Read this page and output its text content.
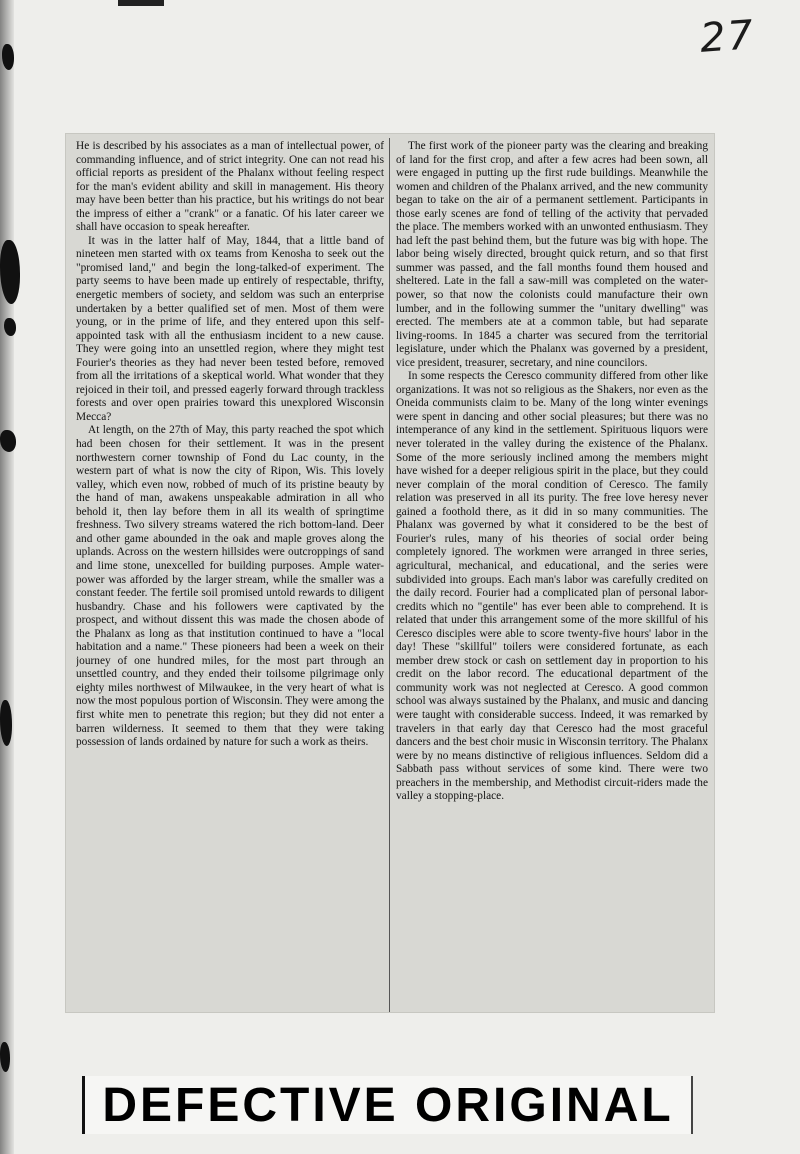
27

He is described by his associates as a man of intellectual power, of commanding influence, and of strict integrity. One can not read his official reports as president of the Phalanx without feeling respect for the man's evident ability and skill in management. His theory may have been better than his practice, but his writings do not bear the impress of either a "crank" or a fanatic. Of his later career we shall have occasion to speak hereafter.

It was in the latter half of May, 1844, that a little band of nineteen men started with ox teams from Kenosha to seek out the "promised land," and begin the long-talked-of experiment. The party seems to have been made up entirely of respectable, thrifty, energetic members of society, and seldom was such an enterprise undertaken by a better qualified set of men. Most of them were young, or in the prime of life, and they entered upon this self-appointed task with all the enthusiasm incident to a new cause. They were going into an unsettled region, where they might test Fourier's theories as they had never been tested before, removed from all the irritations of a skeptical world. What wonder that they rejoiced in their toil, and pressed eagerly forward through trackless forests and over open prairies toward this unexplored Wisconsin Mecca?

At length, on the 27th of May, this party reached the spot which had been chosen for their settlement. It was in the present northwestern corner township of Fond du Lac county, in the western part of what is now the city of Ripon, Wis. This lovely valley, which even now, robbed of much of its pristine beauty by the hand of man, awakens unspeakable admiration in all who behold it, then lay before them in all its wealth of springtime freshness. Two silvery streams watered the rich bottom-land. Deer and other game abounded in the oak and maple groves along the uplands. Across on the western hillsides were outcroppings of sand and lime stone, unexcelled for building purposes. Ample water-power was afforded by the larger stream, while the smaller was a constant feeder. The fertile soil promised untold rewards to diligent husbandry. Chase and his followers were captivated by the prospect, and without dissent this was made the chosen abode of the Phalanx as long as that institution continued to have a "local habitation and a name." These pioneers had been a week on their journey of one hundred miles, for the most part through an unsettled country, and they ended their toilsome pilgrimage only eighty miles northwest of Milwaukee, in the very heart of what is now the most populous portion of Wisconsin. They were among the first white men to penetrate this region; but they did not enter a barren wilderness. It seemed to them that they were taking possession of lands ordained by nature for such a work as theirs.

The first work of the pioneer party was the clearing and breaking of land for the first crop, and after a few acres had been sown, all were engaged in putting up the first rude buildings. Meanwhile the women and children of the Phalanx arrived, and the new community began to take on the air of a permanent settlement. Participants in those early scenes are fond of telling of the activity that pervaded the place. The members worked with an unwonted enthusiasm. They had left the past behind them, but the future was big with hope. The labor being wisely directed, brought quick return, and so that first summer was passed, and the fall months found them housed and sheltered. Late in the fall a saw-mill was completed on the water-power, so that now the colonists could manufacture their own lumber, and in the following summer the "unitary dwelling" was erected. The members ate at a common table, but had separate living-rooms. In 1845 a charter was secured from the territorial legislature, under which the Phalanx was governed by a president, vice president, treasurer, secretary, and nine councilors.

In some respects the Ceresco community differed from other like organizations. It was not so religious as the Shakers, nor even as the Oneida communists claim to be. Many of the long winter evenings were spent in dancing and other social pleasures; but there was no intemperance of any kind in the settlement. Spirituous liquors were never tolerated in the valley during the existence of the Phalanx. Some of the more seriously inclined among the members might have wished for a deeper religious spirit in the place, but they could never complain of the moral condition of Ceresco. The family relation was preserved in all its purity. The free love heresy never gained a foothold there, as it did in so many communities. The Phalanx was governed by what it considered to be the best of Fourier's rules, many of his theories of social order being completely ignored. The workmen were arranged in three series, agricultural, mechanical, and educational, and the series were subdivided into groups. Each man's labor was carefully credited on the daily record. Fourier had a complicated plan of personal labor-credits which no "gentile" has ever been able to comprehend. It is related that under this arrangement some of the more skillful of his Ceresco disciples were able to score twenty-five hours' labor in the day! These "skillful" toilers were considered fortunate, as each member drew stock or cash on settlement day in proportion to his credit on the labor record. The educational department of the community work was not neglected at Ceresco. A good common school was always sustained by the Phalanx, and music and dancing were taught with considerable success. Indeed, it was remarked by travelers in that early day that Ceresco had the most graceful dancers and the best choir music in Wisconsin territory. The Phalanx were by no means distinctive of religious influences. Seldom did a Sabbath pass without services of some kind. There were two preachers in the membership, and Methodist circuit-riders made the valley a stopping-place.

DEFECTIVE ORIGINAL
